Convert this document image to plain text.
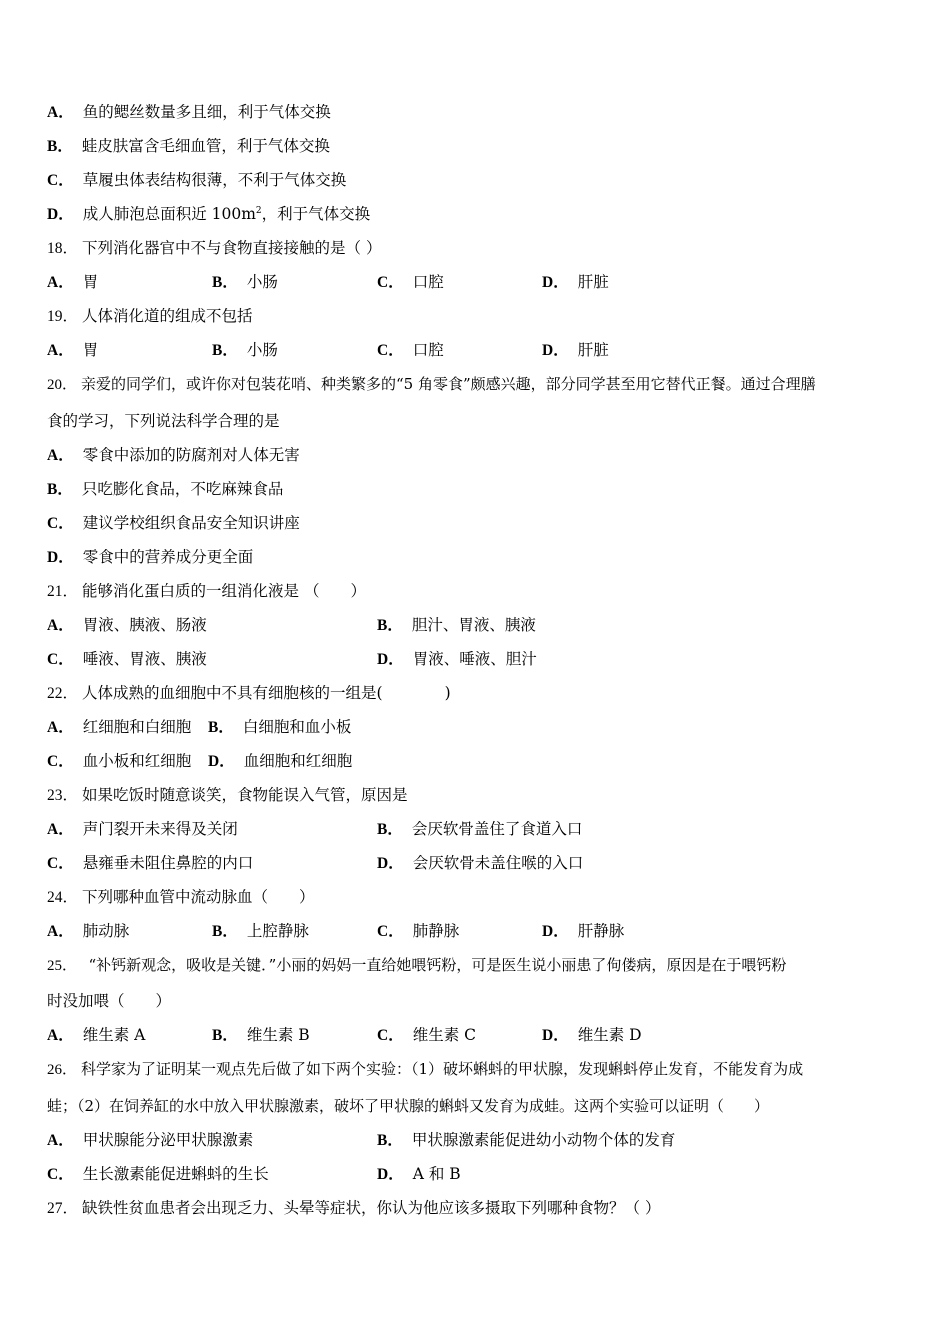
A． 鱼的鳃丝数量多且细，利于气体交换
B． 蛙皮肤富含毛细血管，利于气体交换
C． 草履虫体表结构很薄，不利于气体交换
D． 成人肺泡总面积近 $100m^2$，利于气体交换
18． 下列消化器官中不与食物直接接触的是（ ）
A． 胃	B． 小肠	C． 口腔	D． 肝脏
19． 人体消化道的组成不包括
A． 胃	B． 小肠	C． 口腔	D． 肝脏
20． 亲爱的同学们，或许你对包装花哨、种类繁多的“5 角零食”颇感兴趣，部分同学甚至用它替代正餐。通过合理膳
食的学习，下列说法科学合理的是
A． 零食中添加的防腐剂对人体无害
B． 只吃膨化食品，不吃麻辣食品
C． 建议学校组织食品安全知识讲座
D． 零食中的营养成分更全面
21． 能够消化蛋白质的一组消化液是 （　　）
A． 胃液、胰液、肠液	B． 胆汁、胃液、胰液
C． 唾液、胃液、胰液	D． 胃液、唾液、胆汁
22． 人体成熟的血细胞中不具有细胞核的一组是(　　　　)
A． 红细胞和白细胞 B． 白细胞和血小板
C． 血小板和红细胞 D． 血细胞和红细胞
23． 如果吃饭时随意谈笑，食物能误入气管，原因是
A． 声门裂开未来得及关闭	B． 会厌软骨盖住了食道入口
C． 悬雍垂未阻住鼻腔的内口	D． 会厌软骨未盖住喉的入口
24． 下列哪种血管中流动脉血（　　）
A． 肺动脉	B． 上腔静脉	C． 肺静脉	D． 肝静脉
25．　“补钙新观念，吸收是关键．”小丽的妈妈一直给她喂钙粉，可是医生说小丽患了佝偻病，原因是在于喂钙粉
时没加喂（　　）
A． 维生素 A	B． 维生素 B	C． 维生素 C	D． 维生素 D
26． 科学家为了证明某一观点先后做了如下两个实验：（1）破坏蝌蚪的甲状腺，发现蝌蚪停止发育，不能发育为成
蛙；（2）在饲养缸的水中放入甲状腺激素，破坏了甲状腺的蝌蚪又发育为成蛙。这两个实验可以证明（　　）
A． 甲状腺能分泌甲状腺激素	B． 甲状腺激素能促进幼小动物个体的发育
C． 生长激素能促进蝌蚪的生长	D． A 和 B
27． 缺铁性贫血患者会出现乏力、头晕等症状，你认为他应该多摄取下列哪种食物？（ ）
